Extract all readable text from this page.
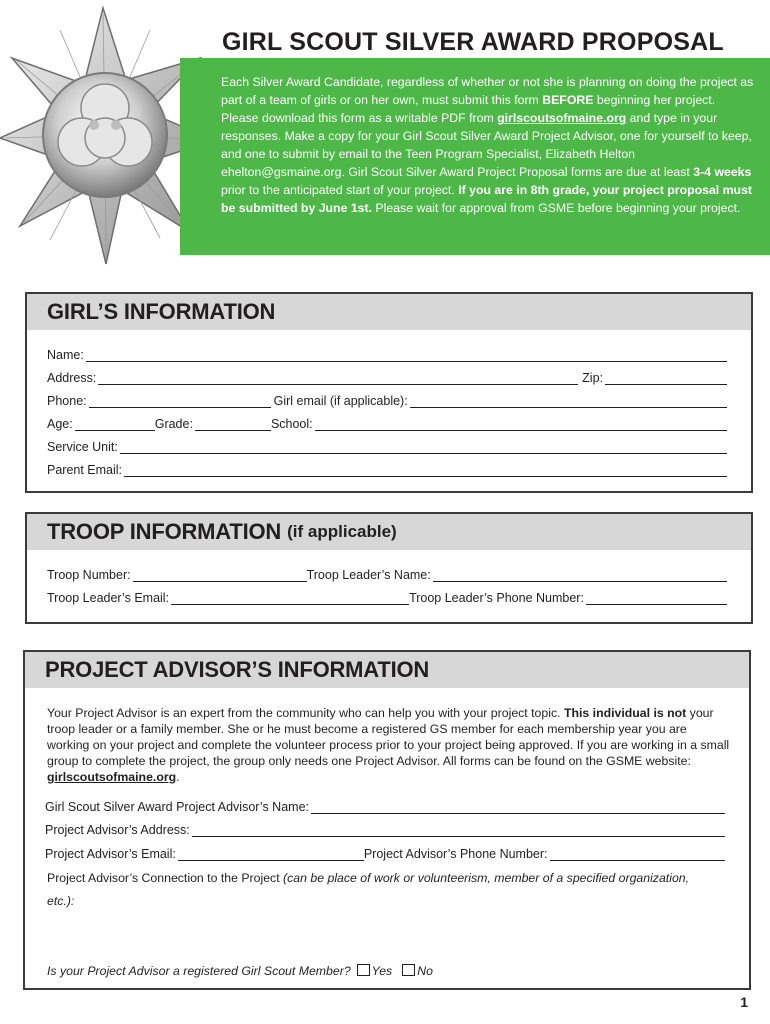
GIRL SCOUT SILVER AWARD PROPOSAL
Each Silver Award Candidate, regardless of whether or not she is planning on doing the project as part of a team of girls or on her own, must submit this form BEFORE beginning her project. Please download this form as a writable PDF from girlscoutsofmaine.org and type in your responses. Make a copy for your Girl Scout Silver Award Project Advisor, one for yourself to keep, and one to submit by email to the Teen Program Specialist, Elizabeth Helton ehelton@gsmaine.org. Girl Scout Silver Award Project Proposal forms are due at least 3-4 weeks prior to the anticipated start of your project. If you are in 8th grade, your project proposal must be submitted by June 1st. Please wait for approval from GSME before beginning your project.
GIRL’S INFORMATION
Name:
Address:	Zip:
Phone:	Girl email (if applicable):
Age:	Grade:	School:
Service Unit:
Parent Email:
TROOP INFORMATION (if applicable)
Troop Number:	Troop Leader’s Name:
Troop Leader’s Email:	Troop Leader’s Phone Number:
PROJECT ADVISOR’S INFORMATION
Your Project Advisor is an expert from the community who can help you with your project topic. This individual is not your troop leader or a family member. She or he must become a registered GS member for each membership year you are working on your project and complete the volunteer process prior to your project being approved. If you are working in a small group to complete the project, the group only needs one Project Advisor. All forms can be found on the GSME website: girlscoutsofmaine.org.
Girl Scout Silver Award Project Advisor’s Name:
Project Advisor’s Address:
Project Advisor’s Email:	Project Advisor’s Phone Number:
Project Advisor’s Connection to the Project (can be place of work or volunteerism, member of a specified organization, etc.):
Is your Project Advisor a registered Girl Scout Member? Yes No
1
